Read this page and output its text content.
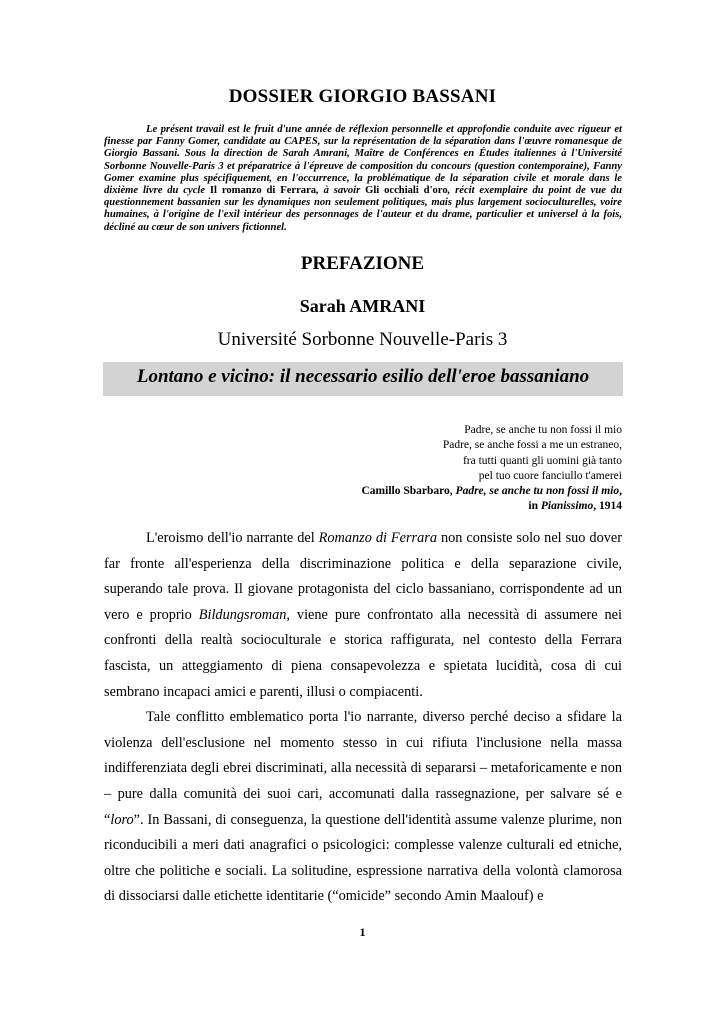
DOSSIER GIORGIO BASSANI

Le présent travail est le fruit d'une année de réflexion personnelle et approfondie conduite avec rigueur et finesse par Fanny Gomer, candidate au CAPES, sur la représentation de la séparation dans l'œuvre romanesque de Giorgio Bassani. Sous la direction de Sarah Amrani, Maître de Conférences en Études italiennes à l'Université Sorbonne Nouvelle-Paris 3 et préparatrice à l'épreuve de composition du concours (question contemporaine), Fanny Gomer examine plus spécifiquement, en l'occurrence, la problématique de la séparation civile et morale dans le dixième livre du cycle Il romanzo di Ferrara, à savoir Gli occhiali d'oro, récit exemplaire du point de vue du questionnement bassanien sur les dynamiques non seulement politiques, mais plus largement socioculturelles, voire humaines, à l'origine de l'exil intérieur des personnages de l'auteur et du drame, particulier et universel à la fois, décliné au cœur de son univers fictionnel.

PREFAZIONE
Sarah AMRANI
Université Sorbonne Nouvelle-Paris 3
Lontano e vicino: il necessario esilio dell'eroe bassaniano
Padre, se anche tu non fossi il mio
Padre, se anche fossi a me un estraneo,
fra tutti quanti gli uomini già tanto
pel tuo cuore fanciullo t'amerei
Camillo Sbarbaro, Padre, se anche tu non fossi il mio,
in Pianissimo, 1914

L'eroismo dell'io narrante del Romanzo di Ferrara non consiste solo nel suo dover far fronte all'esperienza della discriminazione politica e della separazione civile, superando tale prova. Il giovane protagonista del ciclo bassaniano, corrispondente ad un vero e proprio Bildungsroman, viene pure confrontato alla necessità di assumere nei confronti della realtà socioculturale e storica raffigurata, nel contesto della Ferrara fascista, un atteggiamento di piena consapevolezza e spietata lucidità, cosa di cui sembrano incapaci amici e parenti, illusi o compiacenti.

Tale conflitto emblematico porta l'io narrante, diverso perché deciso a sfidare la violenza dell'esclusione nel momento stesso in cui rifiuta l'inclusione nella massa indifferenziata degli ebrei discriminati, alla necessità di separarsi – metaforicamente e non – pure dalla comunità dei suoi cari, accomunati dalla rassegnazione, per salvare sé e “loro”. In Bassani, di conseguenza, la questione dell'identità assume valenze plurime, non riconducibili a meri dati anagrafici o psicologici: complesse valenze culturali ed etniche, oltre che politiche e sociali. La solitudine, espressione narrativa della volontà clamorosa di dissociarsi dalle etichette identitarie (“omicide” secondo Amin Maalouf) e

1
